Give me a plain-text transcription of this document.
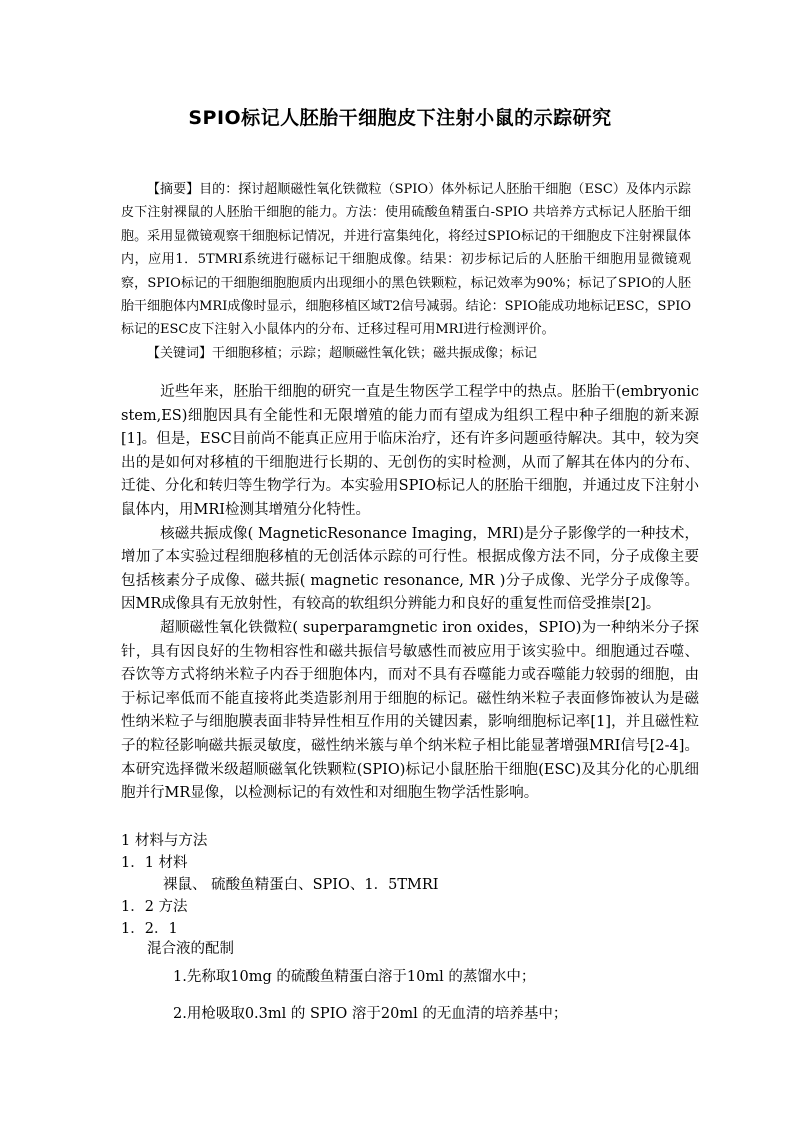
SPIO标记人胚胎干细胞皮下注射小鼠的示踪研究

【摘要】目的：探讨超顺磁性氧化铁微粒（SPIO）体外标记人胚胎干细胞（ESC）及体内示踪皮下注射裸鼠的人胚胎干细胞的能力。方法：使用硫酸鱼精蛋白-SPIO 共培养方式标记人胚胎干细胞。采用显微镜观察干细胞标记情况，并进行富集纯化，将经过SPIO标记的干细胞皮下注射裸鼠体内，应用1．5TMRI系统进行磁标记干细胞成像。结果：初步标记后的人胚胎干细胞用显微镜观察，SPIO标记的干细胞细胞胞质内出现细小的黑色铁颗粒，标记效率为90%；标记了SPIO的人胚胎干细胞体内MRI成像时显示，细胞移植区域T2信号减弱。结论：SPIO能成功地标记ESC，SPIO标记的ESC皮下注射入小鼠体内的分布、迁移过程可用MRI进行检测评价。

【关键词】干细胞移植；示踪；超顺磁性氧化铁；磁共振成像；标记

近些年来，胚胎干细胞的研究一直是生物医学工程学中的热点。胚胎干(embryonic stem,ES)细胞因具有全能性和无限增殖的能力而有望成为组织工程中种子细胞的新来源[1]。但是，ESC目前尚不能真正应用于临床治疗，还有许多问题亟待解决。其中，较为突出的是如何对移植的干细胞进行长期的、无创伤的实时检测，从而了解其在体内的分布、迁徙、分化和转归等生物学行为。本实验用SPIO标记人的胚胎干细胞，并通过皮下注射小鼠体内，用MRI检测其增殖分化特性。

核磁共振成像( MagneticResonance Imaging，MRI)是分子影像学的一种技术，增加了本实验过程细胞移植的无创活体示踪的可行性。根据成像方法不同，分子成像主要包括核素分子成像、磁共振( magnetic resonance, MR )分子成像、光学分子成像等。因MR成像具有无放射性，有较高的软组织分辨能力和良好的重复性而倍受推崇[2]。

超顺磁性氧化铁微粒( superparamgnetic iron oxides，SPIO)为一种纳米分子探针，具有因良好的生物相容性和磁共振信号敏感性而被应用于该实验中。细胞通过吞噬、吞饮等方式将纳米粒子内吞于细胞体内，而对不具有吞噬能力或吞噬能力较弱的细胞，由于标记率低而不能直接将此类造影剂用于细胞的标记。磁性纳米粒子表面修饰被认为是磁性纳米粒子与细胞膜表面非特异性相互作用的关键因素，影响细胞标记率[1]，并且磁性粒子的粒径影响磁共振灵敏度，磁性纳米簇与单个纳米粒子相比能显著增强MRI信号[2-4]。本研究选择微米级超顺磁氧化铁颗粒(SPIO)标记小鼠胚胎干细胞(ESC)及其分化的心肌细胞并行MR显像，以检测标记的有效性和对细胞生物学活性影响。

1 材料与方法
1．1 材料
裸鼠、 硫酸鱼精蛋白、SPIO、1．5TMRI
1．2 方法
1．2．1
混合液的配制
1.先称取10mg 的硫酸鱼精蛋白溶于10ml 的蒸馏水中；
2.用枪吸取0.3ml 的 SPIO 溶于20ml 的无血清的培养基中；
